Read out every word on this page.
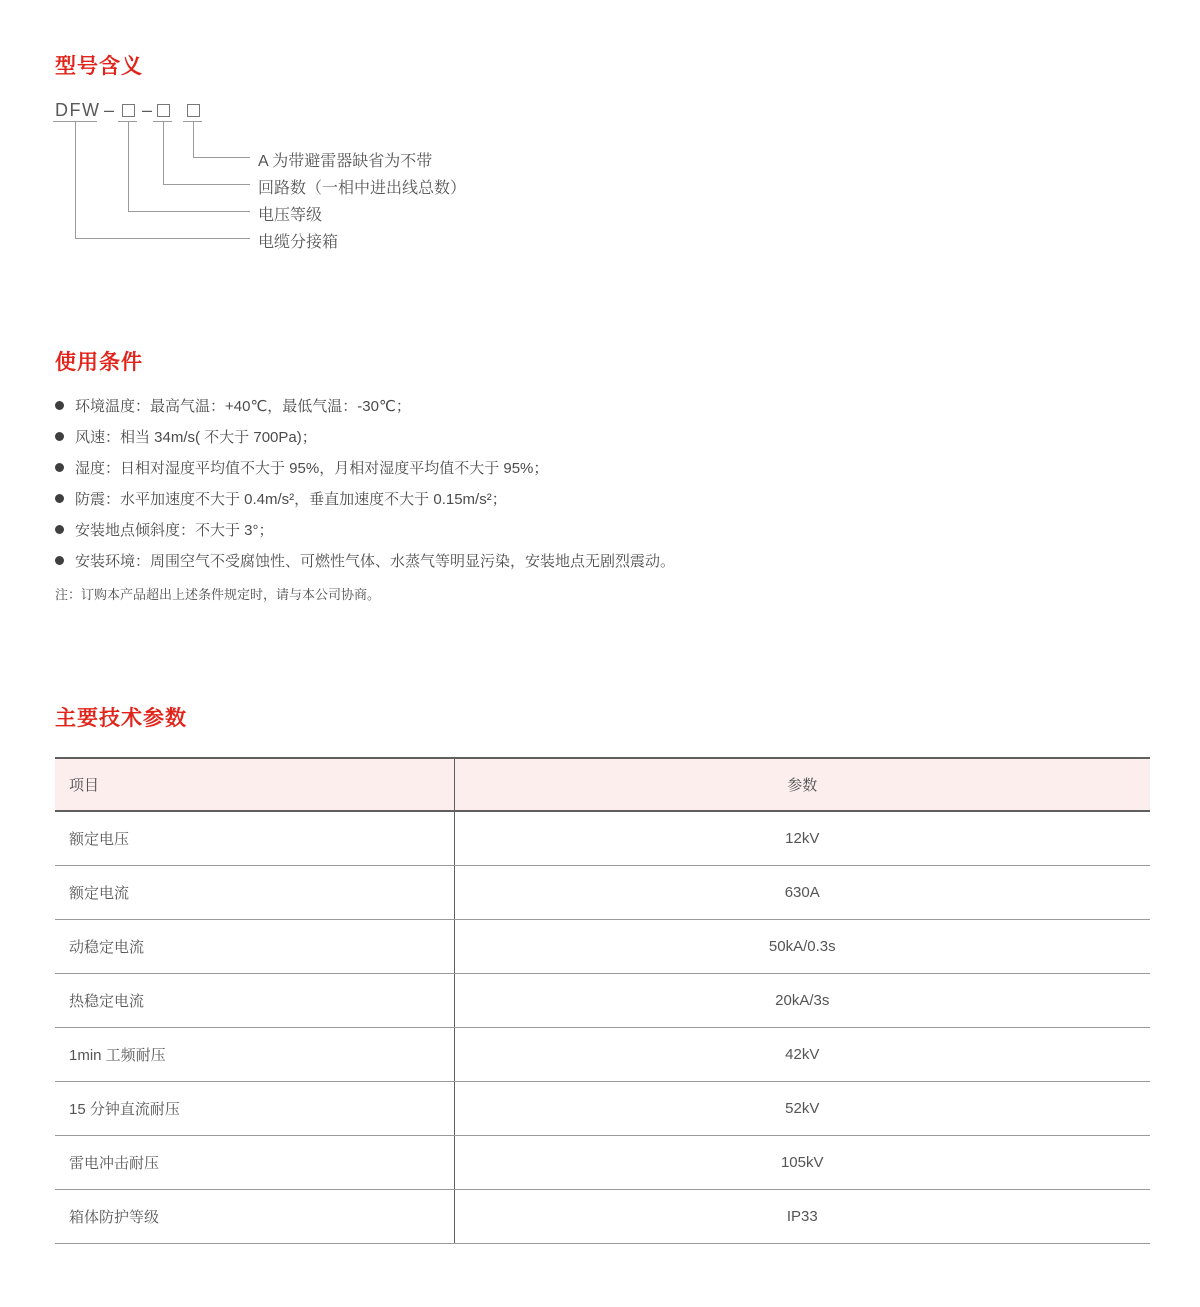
型号含义
DFW – –
A 为带避雷器缺省为不带
回路数（一相中进出线总数）
电压等级
电缆分接箱
使用条件
环境温度：最高气温：+40℃，最低气温：-30℃；
风速：相当 34m/s( 不大于 700Pa)；
湿度：日相对湿度平均值不大于 95%，月相对湿度平均值不大于 95%；
防震：水平加速度不大于 0.4m/s²，垂直加速度不大于 0.15m/s²；
安装地点倾斜度：不大于 3°；
安装环境：周围空气不受腐蚀性、可燃性气体、水蒸气等明显污染，安装地点无剧烈震动。

注：订购本产品超出上述条件规定时，请与本公司协商。

主要技术参数
项目	参数
额定电压	12kV
额定电流	630A
动稳定电流	50kA/0.3s
热稳定电流	20kA/3s
1min 工频耐压	42kV
15 分钟直流耐压	52kV
雷电冲击耐压	105kV
箱体防护等级	IP33
